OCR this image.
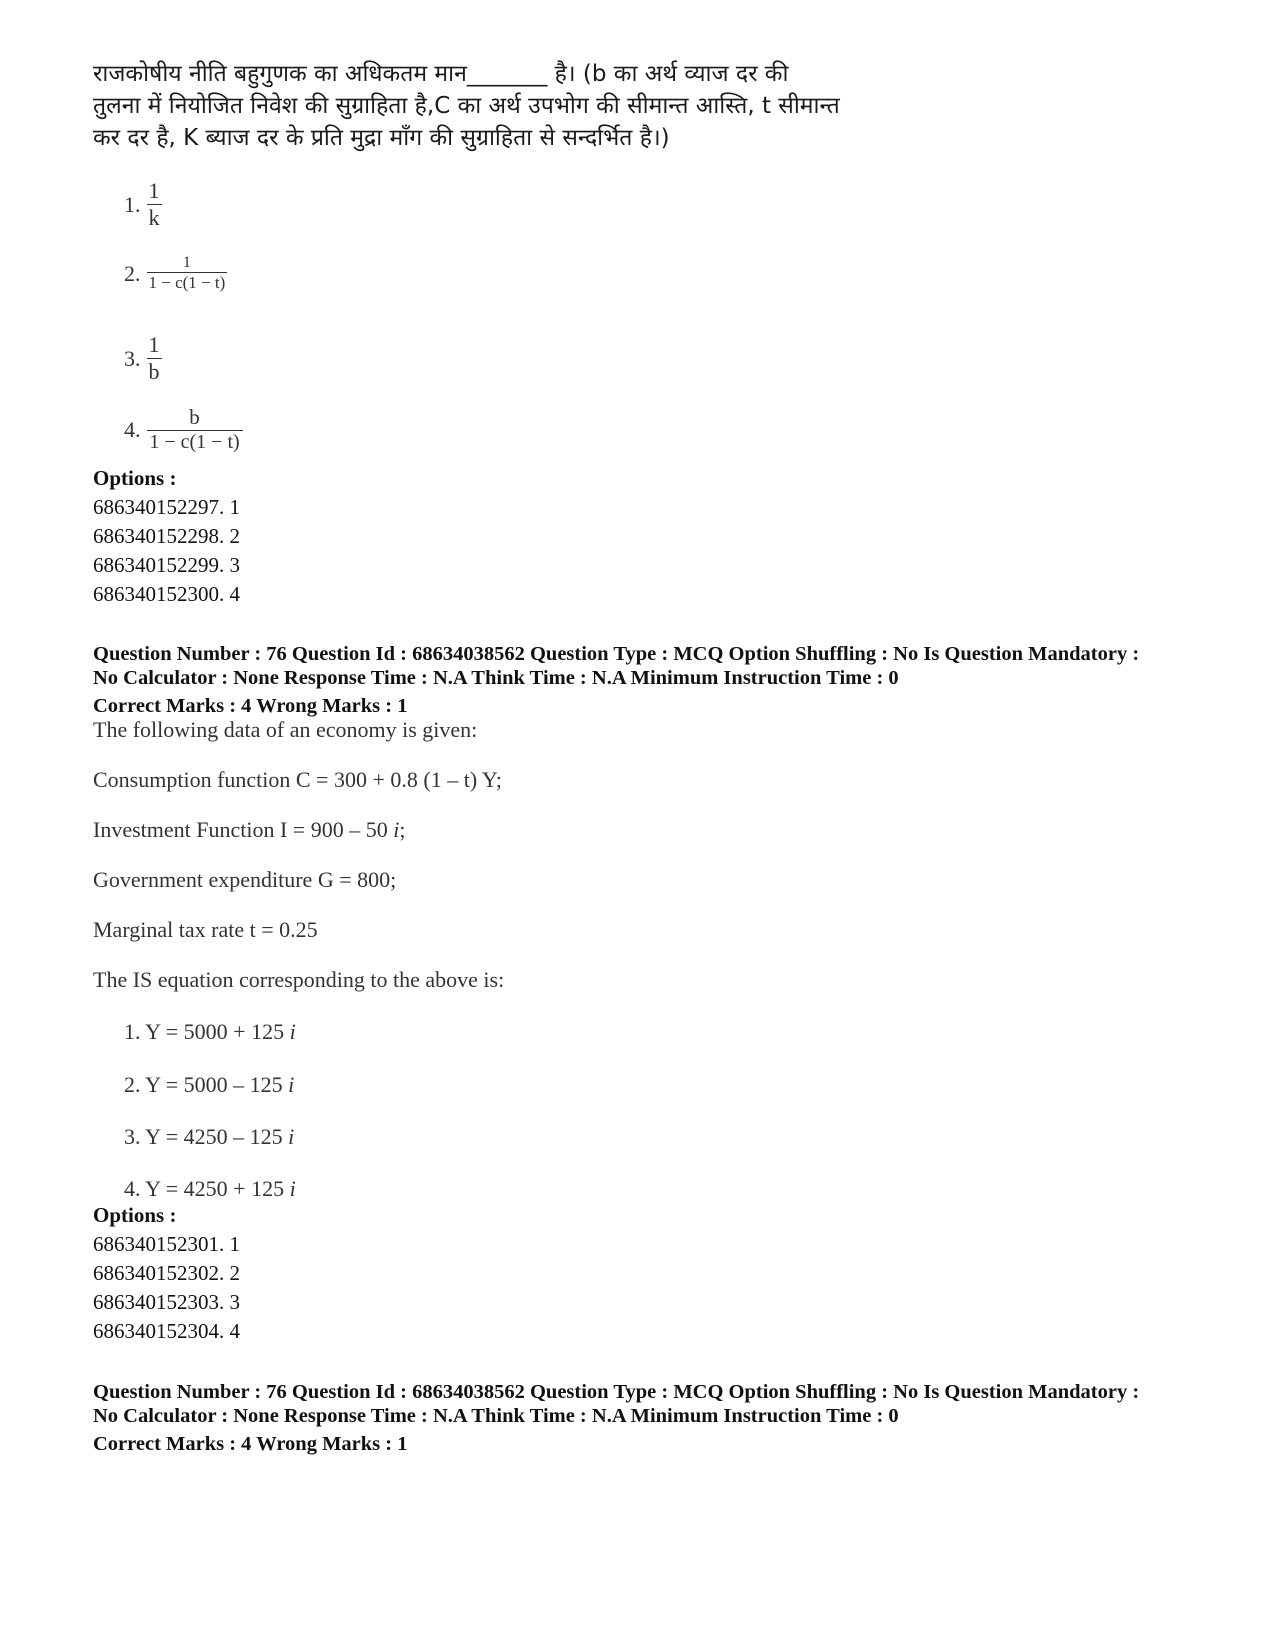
राजकोषीय नीति बहुगुणक का अधिकतम मान_______ है। (b का अर्थ व्याज दर की

तुलना में नियोजित निवेश की सुग्राहिता है,C का अर्थ उपभोग की सीमान्त आस्ति, t सीमान्त

कर दर है, K ब्याज दर के प्रति मुद्रा माँग की सुग्राहिता से सन्दर्भित है।)

1. $\frac{1}{k}$
2. $\frac{1}{1 - c(1 - t)}$
3. $\frac{1}{b}$
4. $\frac{b}{1 - c(1 - t)}$
Options :
686340152297. 1
686340152298. 2
686340152299. 3
686340152300. 4
Question Number : 76 Question Id : 68634038562 Question Type : MCQ Option Shuffling : No Is Question Mandatory :
No Calculator : None Response Time : N.A Think Time : N.A Minimum Instruction Time : 0
Correct Marks : 4 Wrong Marks : 1
The following data of an economy is given:
Consumption function C = 300 + 0.8 (1 – t) Y;
Investment Function I = 900 – 50 i;
Government expenditure G = 800;
Marginal tax rate t = 0.25
The IS equation corresponding to the above is:
1. Y = 5000 + 125 i
2. Y = 5000 – 125 i
3. Y = 4250 – 125 i
4. Y = 4250 + 125 i
Options :
686340152301. 1
686340152302. 2
686340152303. 3
686340152304. 4
Question Number : 76 Question Id : 68634038562 Question Type : MCQ Option Shuffling : No Is Question Mandatory :
No Calculator : None Response Time : N.A Think Time : N.A Minimum Instruction Time : 0
Correct Marks : 4 Wrong Marks : 1
